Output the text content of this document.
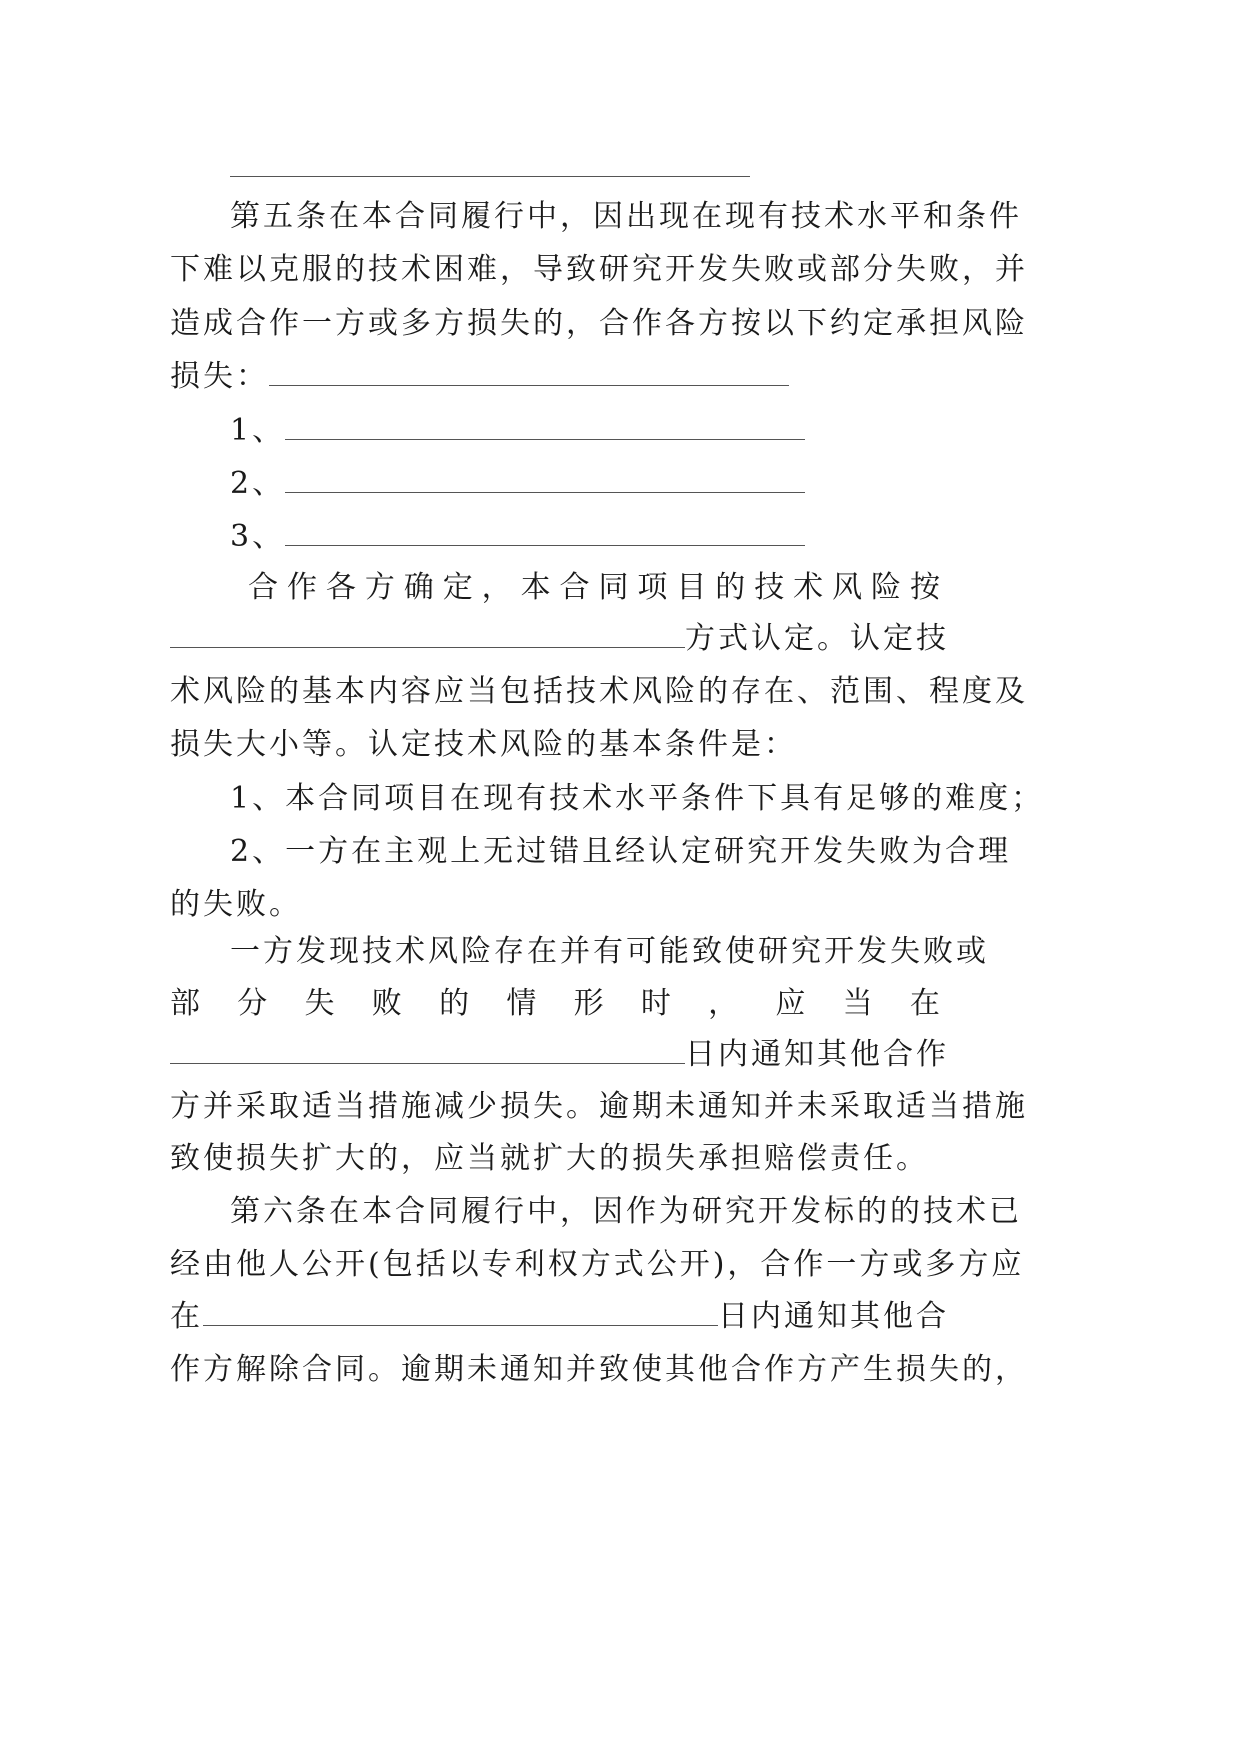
第五条在本合同履行中，因出现在现有技术水平和条件
下难以克服的技术困难，导致研究开发失败或部分失败，并
造成合作一方或多方损失的，合作各方按以下约定承担风险
损失：
1、
2、
3、
合 作 各 方 确 定 ， 本 合 同 项 目 的 技 术 风 险 按
方式认定。认定技
术风险的基本内容应当包括技术风险的存在、范围、程度及
损失大小等。认定技术风险的基本条件是：
1、本合同项目在现有技术水平条件下具有足够的难度；
2、一方在主观上无过错且经认定研究开发失败为合理
的失败。
一方发现技术风险存在并有可能致使研究开发失败或
部 分 失 败 的 情 形 时 ， 应 当 在
日内通知其他合作
方并采取适当措施减少损失。逾期未通知并未采取适当措施
致使损失扩大的，应当就扩大的损失承担赔偿责任。
第六条在本合同履行中，因作为研究开发标的的技术已
经由他人公开(包括以专利权方式公开)，合作一方或多方应
在	日内通知其他合
作方解除合同。逾期未通知并致使其他合作方产生损失的，
